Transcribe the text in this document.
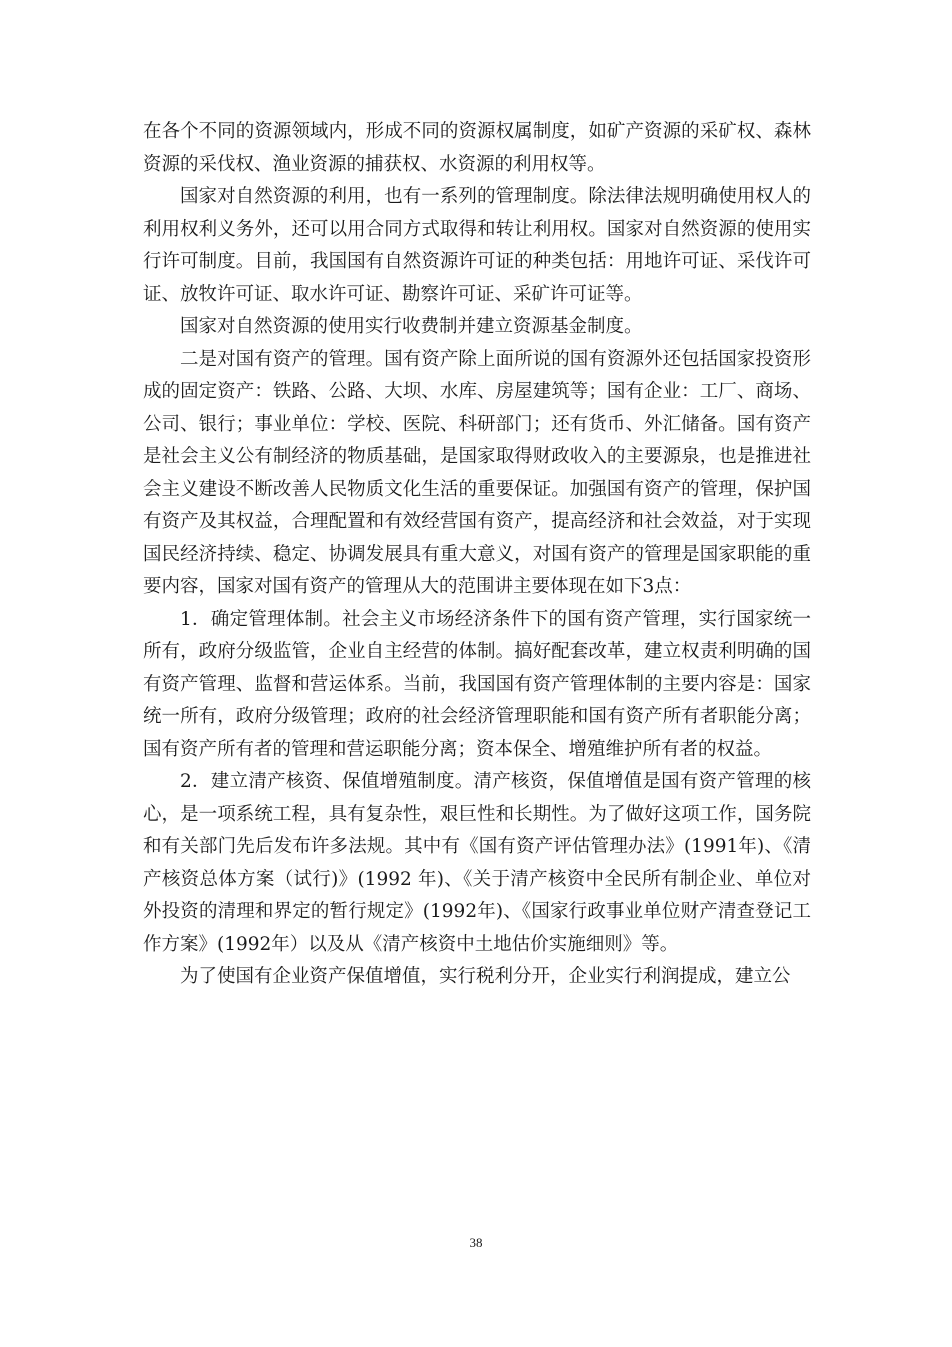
在各个不同的资源领域内，形成不同的资源权属制度，如矿产资源的采矿权、森林资源的采伐权、渔业资源的捕获权、水资源的利用权等。

国家对自然资源的利用，也有一系列的管理制度。除法律法规明确使用权人的利用权利义务外，还可以用合同方式取得和转让利用权。国家对自然资源的使用实行许可制度。目前，我国国有自然资源许可证的种类包括：用地许可证、采伐许可证、放牧许可证、取水许可证、勘察许可证、采矿许可证等。

国家对自然资源的使用实行收费制并建立资源基金制度。

二是对国有资产的管理。国有资产除上面所说的国有资源外还包括国家投资形成的固定资产：铁路、公路、大坝、水库、房屋建筑等；国有企业：工厂、商场、公司、银行；事业单位：学校、医院、科研部门；还有货币、外汇储备。国有资产是社会主义公有制经济的物质基础，是国家取得财政收入的主要源泉，也是推进社会主义建设不断改善人民物质文化生活的重要保证。加强国有资产的管理，保护国有资产及其权益，合理配置和有效经营国有资产，提高经济和社会效益，对于实现国民经济持续、稳定、协调发展具有重大意义，对国有资产的管理是国家职能的重要内容，国家对国有资产的管理从大的范围讲主要体现在如下3点：

1．确定管理体制。社会主义市场经济条件下的国有资产管理，实行国家统一所有，政府分级监管，企业自主经营的体制。搞好配套改革，建立权责利明确的国有资产管理、监督和营运体系。当前，我国国有资产管理体制的主要内容是：国家统一所有，政府分级管理；政府的社会经济管理职能和国有资产所有者职能分离；国有资产所有者的管理和营运职能分离；资本保全、增殖维护所有者的权益。

2．建立清产核资、保值增殖制度。清产核资，保值增值是国有资产管理的核心，是一项系统工程，具有复杂性，艰巨性和长期性。为了做好这项工作，国务院和有关部门先后发布许多法规。其中有《国有资产评估管理办法》(1991年)、《清产核资总体方案（试行)》(1992 年)、《关于清产核资中全民所有制企业、单位对外投资的清理和界定的暂行规定》(1992年)、《国家行政事业单位财产清查登记工作方案》(1992年）以及从《清产核资中土地估价实施细则》等。

为了使国有企业资产保值增值，实行税利分开，企业实行利润提成，建立公

38
